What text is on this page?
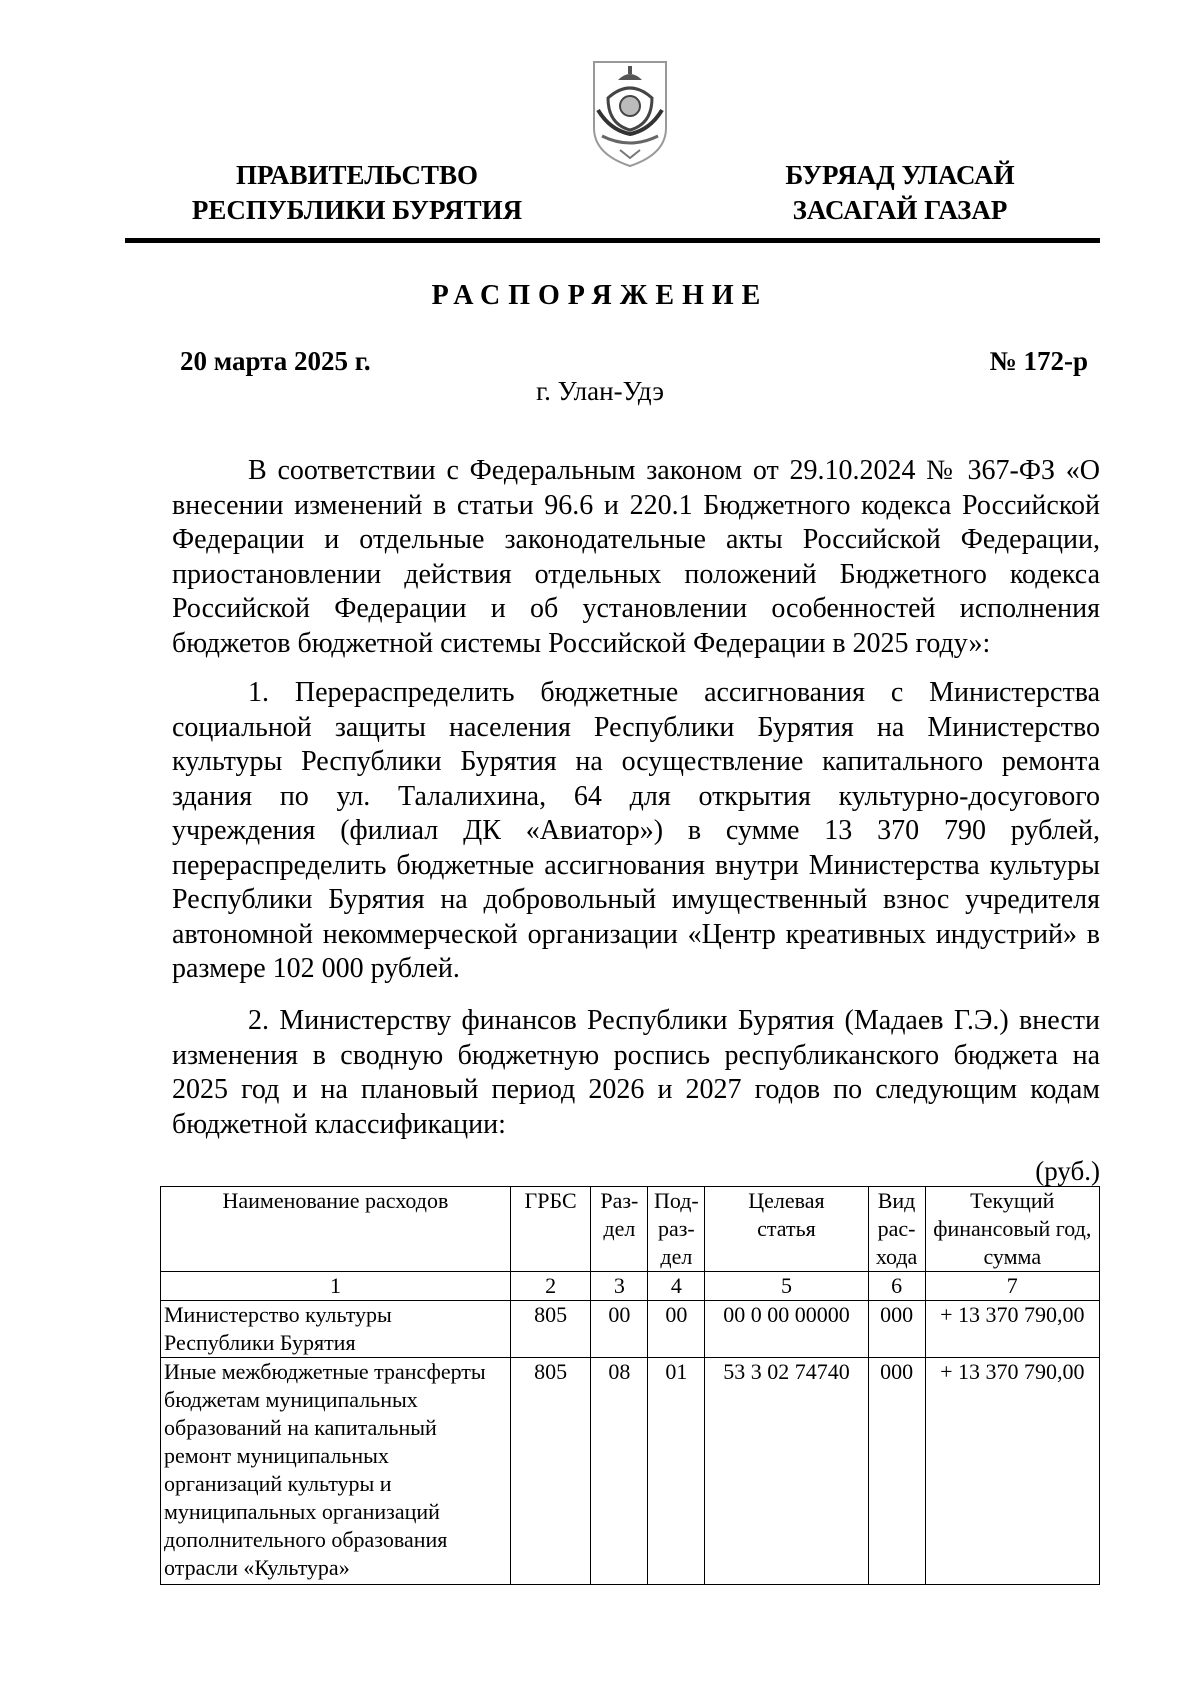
ПРАВИТЕЛЬСТВО
РЕСПУБЛИКИ БУРЯТИЯ
БУРЯАД УЛАСАЙ
ЗАСАГАЙ ГАЗАР
РАСПОРЯЖЕНИЕ
20 марта 2025 г.	№ 172-р
г. Улан-Удэ

В соответствии с Федеральным законом от 29.10.2024 № 367-ФЗ «О внесении изменений в статьи 96.6 и 220.1 Бюджетного кодекса Российской Федерации и отдельные законодательные акты Российской Федерации, приостановлении действия отдельных положений Бюджетного кодекса Российской Федерации и об установлении особенностей исполнения бюджетов бюджетной системы Российской Федерации в 2025 году»:

1. Перераспределить бюджетные ассигнования с Министерства социальной защиты населения Республики Бурятия на Министерство культуры Республики Бурятия на осуществление капитального ремонта здания по ул. Талалихина, 64 для открытия культурно-досугового учреждения (филиал ДК «Авиатор») в сумме 13 370 790 рублей, перераспределить бюджетные ассигнования внутри Министерства культуры Республики Бурятия на добровольный имущественный взнос учредителя автономной некоммерческой организации «Центр креативных индустрий» в размере 102 000 рублей.

2. Министерству финансов Республики Бурятия (Мадаев Г.Э.) внести изменения в сводную бюджетную роспись республиканского бюджета на 2025 год и на плановый период 2026 и 2027 годов по следующим кодам бюджетной классификации:

(руб.)
Наименование расходов	ГРБС	Раз-дел	Под-раз-дел	Целевая статья	Вид рас-хода	Текущий финансовый год, сумма
1	2	3	4	5	6	7
Министерство культуры Республики Бурятия	805	00	00	00 0 00 00000	000	+ 13 370 790,00
Иные межбюджетные трансферты бюджетам муниципальных образований на капитальный ремонт муниципальных организаций культуры и муниципальных организаций дополнительного образования отрасли «Культура»	805	08	01	53 3 02 74740	000	+ 13 370 790,00
